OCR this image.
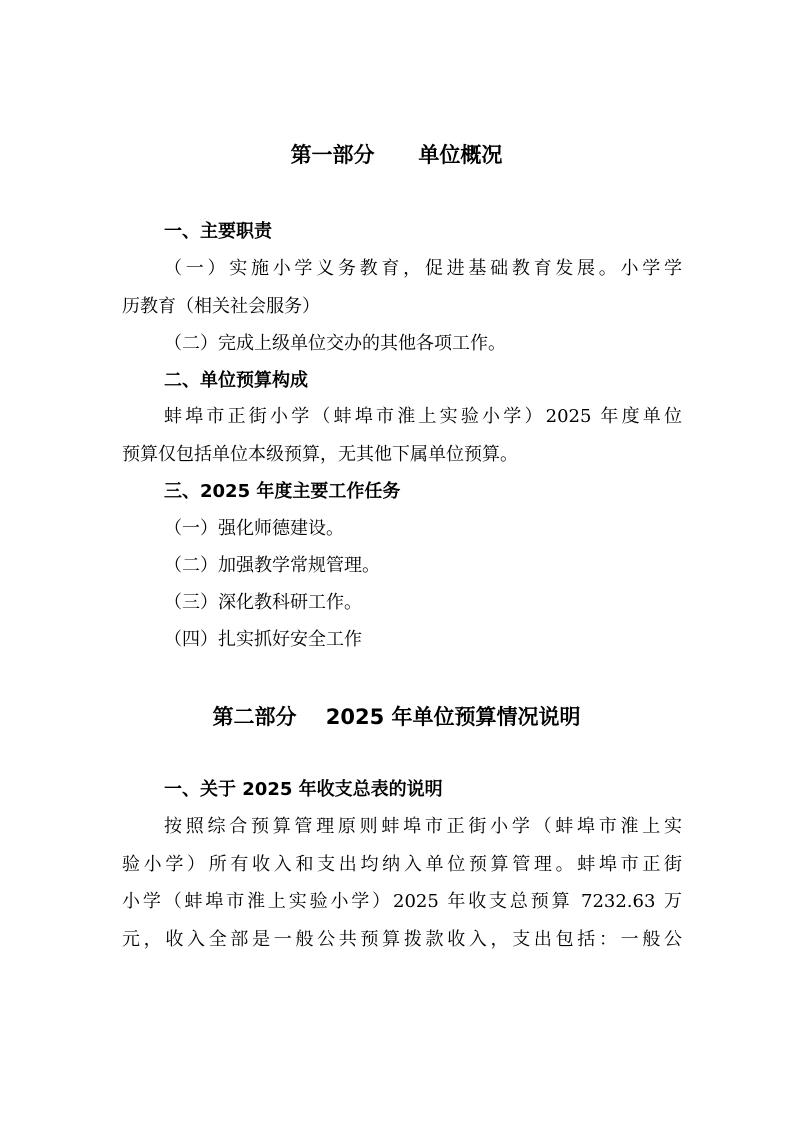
第一部分      单位概况
一、主要职责
（一）实施小学义务教育，促进基础教育发展。小学学
历教育（相关社会服务）
（二）完成上级单位交办的其他各项工作。
二、单位预算构成
蚌埠市正街小学（蚌埠市淮上实验小学）2025 年度单位
预算仅包括单位本级预算，无其他下属单位预算。
三、2025 年度主要工作任务
（一）强化师德建设。
（二）加强教学常规管理。
（三）深化教科研工作。
（四）扎实抓好安全工作
第二部分    2025 年单位预算情况说明
一、关于 2025 年收支总表的说明
按照综合预算管理原则蚌埠市正街小学（蚌埠市淮上实
验小学）所有收入和支出均纳入单位预算管理。蚌埠市正街
小学（蚌埠市淮上实验小学）2025 年收支总预算 7232.63 万
元，收入全部是一般公共预算拨款收入，支出包括：一般公
